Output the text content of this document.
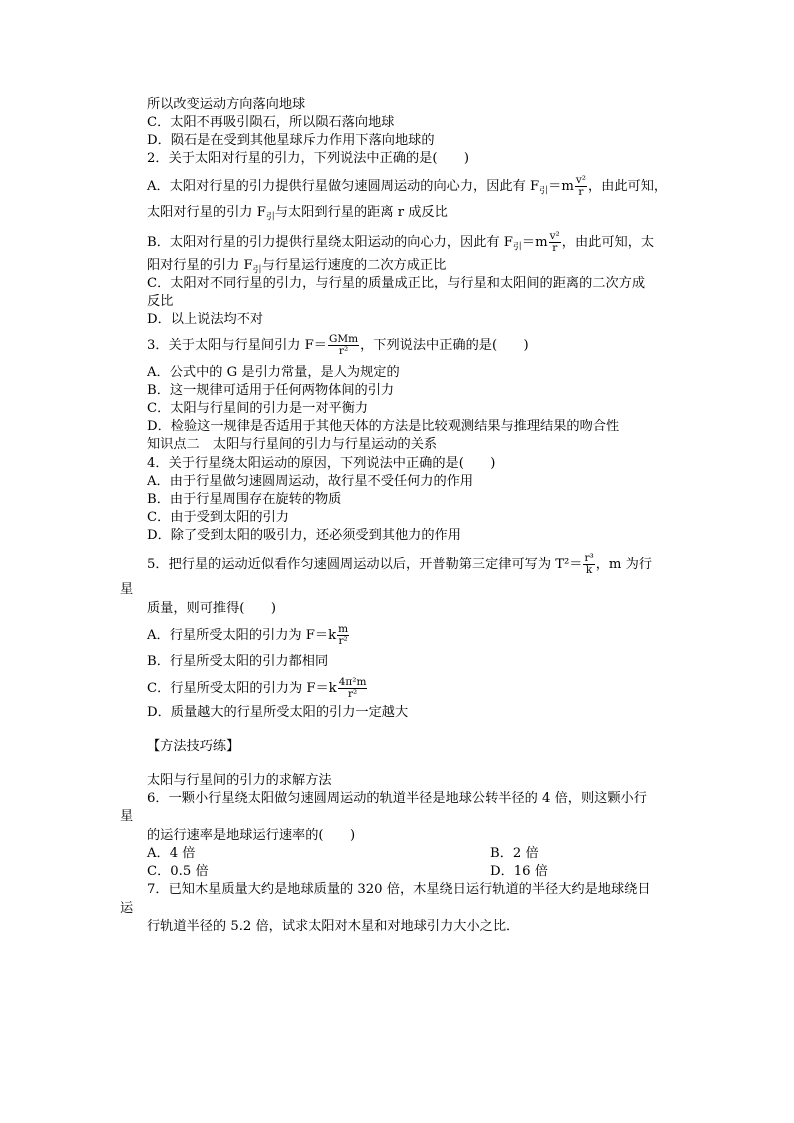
所以改变运动方向落向地球
C．太阳不再吸引陨石，所以陨石落向地球
D．陨石是在受到其他星球斥力作用下落向地球的
2．关于太阳对行星的引力，下列说法中正确的是(　　)
A．太阳对行星的引力提供行星做匀速圆周运动的向心力，因此有 $F_引=m \frac{\text{v²}}{r}$ ，由此可知，
太阳对行星的引力 $F_引$与太阳到行星的距离 r 成反比
B．太阳对行星的引力提供行星绕太阳运动的向心力，因此有 $F_引=m \frac{\text{v²}}{r}$ ，由此可知，太
阳对行星的引力 $F_引$与行星运行速度的二次方成正比
C．太阳对不同行星的引力，与行星的质量成正比，与行星和太阳间的距离的二次方成
反比
D．以上说法均不对
3．关于太阳与行星间引力 $F= \frac{\text{GMm}}{\text{r²}}$ ，下列说法中正确的是(　　)
A．公式中的 G 是引力常量，是人为规定的
B．这一规律可适用于任何两物体间的引力
C．太阳与行星间的引力是一对平衡力
D．检验这一规律是否适用于其他天体的方法是比较观测结果与推理结果的吻合性
知识点二　太阳与行星间的引力与行星运动的关系
4．关于行星绕太阳运动的原因，下列说法中正确的是(　　)
A．由于行星做匀速圆周运动，故行星不受任何力的作用
B．由于行星周围存在旋转的物质
C．由于受到太阳的引力
D．除了受到太阳的吸引力，还必须受到其他力的作用
5．把行星的运动近似看作匀速圆周运动以后，开普勒第三定律可写为 $T^2= \frac{\text{r³}}{k}$ ，m 为行
星
质量，则可推得(　　)
A．行星所受太阳的引力为 $F=k \frac{m}{\text{r²}}$
B．行星所受太阳的引力都相同
C．行星所受太阳的引力为 $F=k \frac{\text{4π²m}}{\text{r²}}$
D．质量越大的行星所受太阳的引力一定越大
【方法技巧练】
太阳与行星间的引力的求解方法
6．一颗小行星绕太阳做匀速圆周运动的轨道半径是地球公转半径的 4 倍，则这颗小行
星
的运行速率是地球运行速率的(　　)
A．4 倍	B．2 倍
C．0.5 倍	D．16 倍
7．已知木星质量大约是地球质量的 320 倍，木星绕日运行轨道的半径大约是地球绕日
运
行轨道半径的 5.2 倍，试求太阳对木星和对地球引力大小之比．
